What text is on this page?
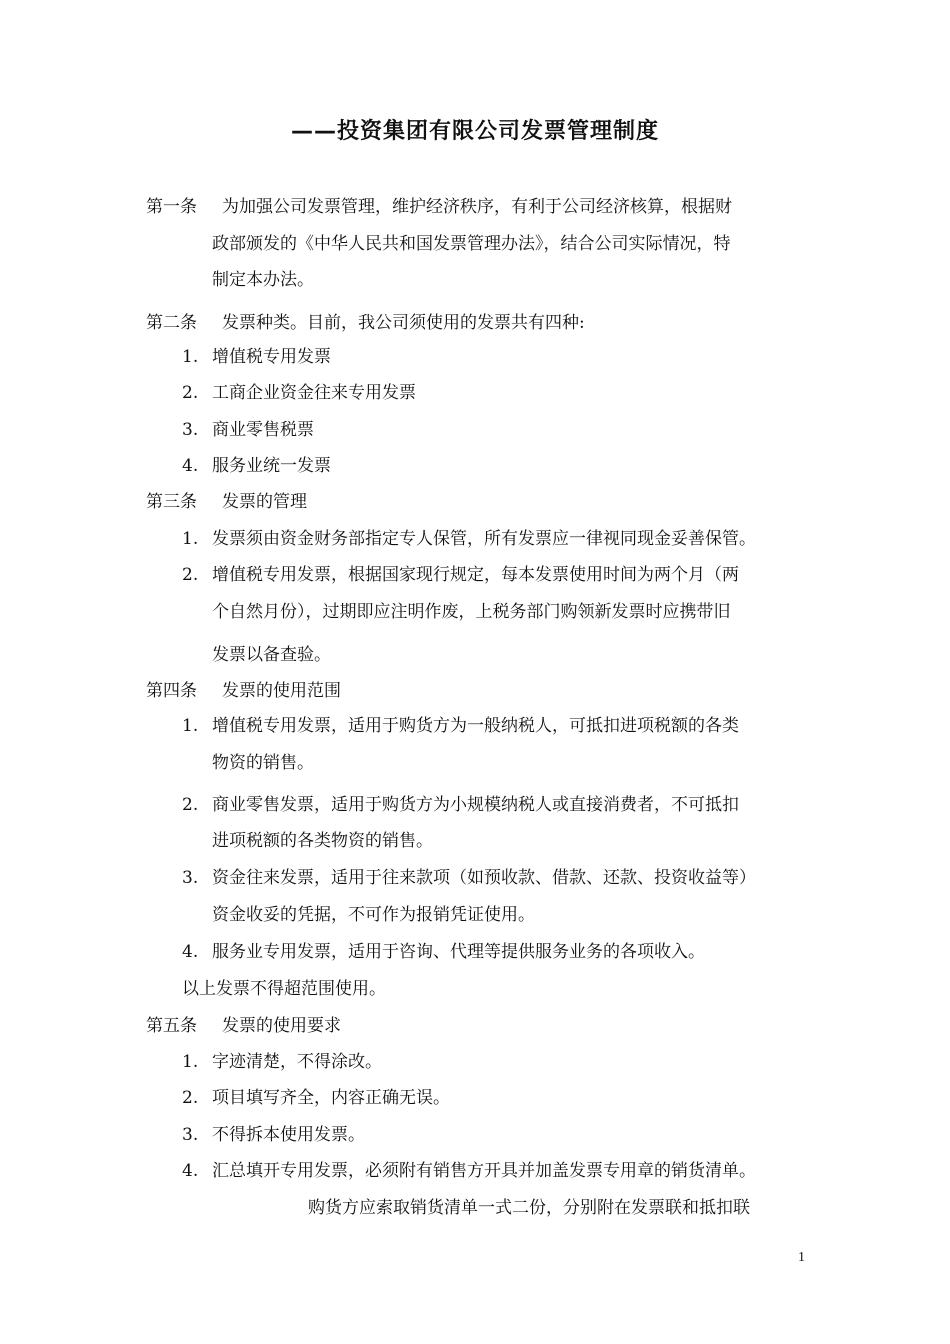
——投资集团有限公司发票管理制度
第一条 为加强公司发票管理，维护经济秩序，有利于公司经济核算，根据财
政部颁发的《中华人民共和国发票管理办法》，结合公司实际情况，特
制定本办法。
第二条 发票种类。目前，我公司须使用的发票共有四种:
1. 增值税专用发票
2. 工商企业资金往来专用发票
3. 商业零售税票
4. 服务业统一发票
第三条 发票的管理
1. 发票须由资金财务部指定专人保管，所有发票应一律视同现金妥善保管。
2. 增值税专用发票，根据国家现行规定，每本发票使用时间为两个月（两
个自然月份），过期即应注明作废，上税务部门购领新发票时应携带旧
发票以备查验。
第四条 发票的使用范围
1. 增值税专用发票，适用于购货方为一般纳税人，可抵扣进项税额的各类
物资的销售。
2. 商业零售发票，适用于购货方为小规模纳税人或直接消费者，不可抵扣
进项税额的各类物资的销售。
3. 资金往来发票，适用于往来款项（如预收款、借款、还款、投资收益等）
资金收妥的凭据，不可作为报销凭证使用。
4. 服务业专用发票，适用于咨询、代理等提供服务业务的各项收入。
以上发票不得超范围使用。
第五条 发票的使用要求
1. 字迹清楚，不得涂改。
2. 项目填写齐全，内容正确无误。
3. 不得拆本使用发票。
4. 汇总填开专用发票，必须附有销售方开具并加盖发票专用章的销货清单。
购货方应索取销货清单一式二份，分别附在发票联和抵扣联
1
